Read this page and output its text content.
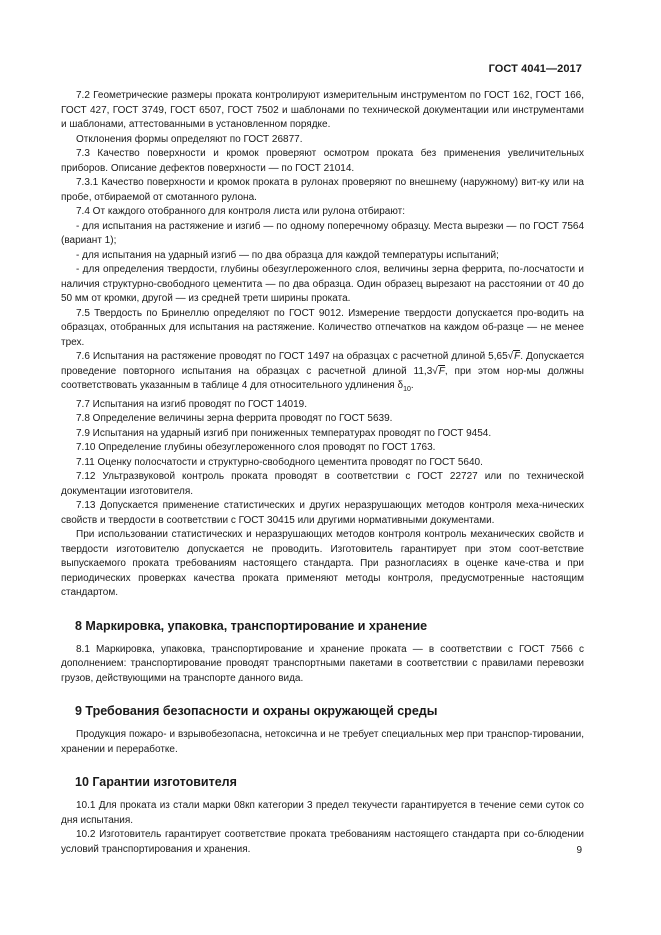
ГОСТ 4041—2017

7.2 Геометрические размеры проката контролируют измерительным инструментом по ГОСТ 162, ГОСТ 166, ГОСТ 427, ГОСТ 3749, ГОСТ 6507, ГОСТ 7502 и шаблонами по технической документации или инструментами и шаблонами, аттестованными в установленном порядке.

Отклонения формы определяют по ГОСТ 26877.

7.3 Качество поверхности и кромок проверяют осмотром проката без применения увеличительных приборов. Описание дефектов поверхности — по ГОСТ 21014.

7.3.1 Качество поверхности и кромок проката в рулонах проверяют по внешнему (наружному) вит-ку или на пробе, отбираемой от смотанного рулона.

7.4 От каждого отобранного для контроля листа или рулона отбирают:

- для испытания на растяжение и изгиб — по одному поперечному образцу. Места вырезки — по ГОСТ 7564 (вариант 1);

- для испытания на ударный изгиб — по два образца для каждой температуры испытаний;

- для определения твердости, глубины обезуглероженного слоя, величины зерна феррита, по-лосчатости и наличия структурно-свободного цементита — по два образца. Один образец вырезают на расстоянии от 40 до 50 мм от кромки, другой — из средней трети ширины проката.

7.5 Твердость по Бринеллю определяют по ГОСТ 9012. Измерение твердости допускается про-водить на образцах, отобранных для испытания на растяжение. Количество отпечатков на каждом об-разце — не менее трех.

7.6 Испытания на растяжение проводят по ГОСТ 1497 на образцах с расчетной длиной 5,65√F. Допускается проведение повторного испытания на образцах с расчетной длиной 11,3√F, при этом нор-мы должны соответствовать указанным в таблице 4 для относительного удлинения $\delta_{10}$.

7.7 Испытания на изгиб проводят по ГОСТ 14019.

7.8 Определение величины зерна феррита проводят по ГОСТ 5639.

7.9 Испытания на ударный изгиб при пониженных температурах проводят по ГОСТ 9454.

7.10 Определение глубины обезуглероженного слоя проводят по ГОСТ 1763.

7.11 Оценку полосчатости и структурно-свободного цементита проводят по ГОСТ 5640.

7.12 Ультразвуковой контроль проката проводят в соответствии с ГОСТ 22727 или по технической документации изготовителя.

7.13 Допускается применение статистических и других неразрушающих методов контроля меха-нических свойств и твердости в соответствии с ГОСТ 30415 или другими нормативными документами.

При использовании статистических и неразрушающих методов контроля контроль механических свойств и твердости изготовителю допускается не проводить. Изготовитель гарантирует при этом соот-ветствие выпускаемого проката требованиям настоящего стандарта. При разногласиях в оценке каче-ства и при периодических проверках качества проката применяют методы контроля, предусмотренные настоящим стандартом.

8 Маркировка, упаковка, транспортирование и хранение

8.1 Маркировка, упаковка, транспортирование и хранение проката — в соответствии с ГОСТ 7566 с дополнением: транспортирование проводят транспортными пакетами в соответствии с правилами перевозки грузов, действующими на транспорте данного вида.

9 Требования безопасности и охраны окружающей среды

Продукция пожаро- и взрывобезопасна, нетоксична и не требует специальных мер при транспор-тировании, хранении и переработке.

10 Гарантии изготовителя

10.1 Для проката из стали марки 08кп категории 3 предел текучести гарантируется в течение семи суток со дня испытания.

10.2 Изготовитель гарантирует соответствие проката требованиям настоящего стандарта при со-блюдении условий транспортирования и хранения.	9
